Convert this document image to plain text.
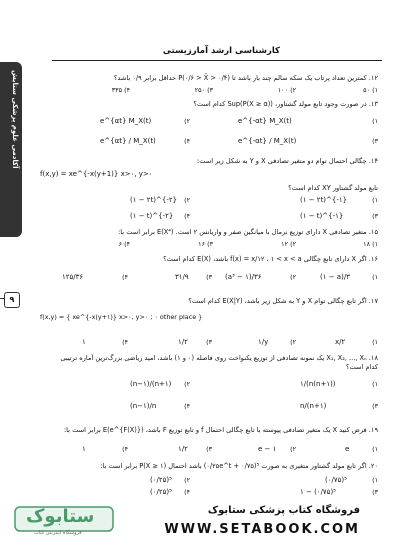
کارشناسی ارشد آمارزیستی
آکادمی علوم پزشکی ستایش
۹
۱۲. کمترین تعداد پرتاب یک سکه سالم چند بار باشد تا P(۰/۶ > X̄ > ۰/۴) حداقل برابر ۰/۹ باشد؟
۱) ۵۰
۲) ۱۰۰
۳) ۲۵۰
۴) ۳۳۵
۱۳. در صورت وجود تابع مولد گشتاور، Sup(P(X ≥ α)) کدام است؟
۱)
e^{-αt} M_X(t)
۲)
e^{αt} M_X(t)
۳)
e^{-αt} / M_X(t)
۴)
e^{αt} / M_X(t)
۱۴. چگالی احتمال توام دو متغیر تصادفی X و Y به شکل زیر است:
f(x,y) = xe^{-x(y+1)} x>۰, y>۰
تابع مولد گشتاور XY کدام است؟
۱)
(۱ − ۲t)^{-۱}
۲)
(۱ − ۲t)^{-۲}
۳)
(۱ − t)^{-۱}
۴)
(۱ − t)^{-۲}
۱۵. متغیر تصادفی X دارای توزیع نرمال با میانگین صفر و واریانس ۲ است. E(X⁴) برابر است با:
۱) ۱۸
۲) ۱۲
۳) ۱۶
۴) ۶
۱۶. اگر X دارای تابع چگالی f(x) = x/۱۲ ، ۱ < x < a باشد، E(X) کدام است؟
۱)
(۱ − a)/۳
۲)
(a³ − ۱)/۳۶
۳)
۳۱/۹
۴)
۱۲۵/۳۶
۱۷. اگر تابع چگالی توام X و Y به شکل زیر باشد، E(X|Y) کدام است؟
f(x,y) = { xe^{-x(y+۱)} x>۰, y>۰ ; ۰ other place }
۱)
x/۲
۲)
۱/y
۳)
۱/۲
۴)
۱
۱۸. X₁, X₂, ..., Xₙ یک نمونه تصادفی از توزیع یکنواخت روی فاصله (۰ و ۱) باشد، امید ریاضی بزرگ‌ترین آماره ترتیبی کدام است؟
۱)
۱/(n(n+۱))
۲)
(n−۱)/(n+۱)
۳)
n/(n+۱)
۴)
(n−۱)/n
۱۹. فرض کنید X یک متغیر تصادفی پیوسته با تابع چگالی احتمال f و تابع توزیع F باشد، E(e^{F(X)}) برابر است با:
۱)
e
۲)
e − ۱
۳)
۱/۲
۴)
۱
۲۰. اگر تابع مولد گشتاور متغیری به صورت ۰/۲۵e^t + ۰/۷۵)⁵) باشد احتمال P(X ≥ ۱) برابر است با:
۱)
(۰/۷۵)⁵
۲)
(۰/۲۵)⁵
۳)
۱ − (۰/۷۵)⁵
۴)
(۰/۲۵)⁵
ستابوک
فروشگاه اینترنتی کتاب
فروشگاه کتاب پزشکی ستابوک
WWW.SETABOOK.COM
